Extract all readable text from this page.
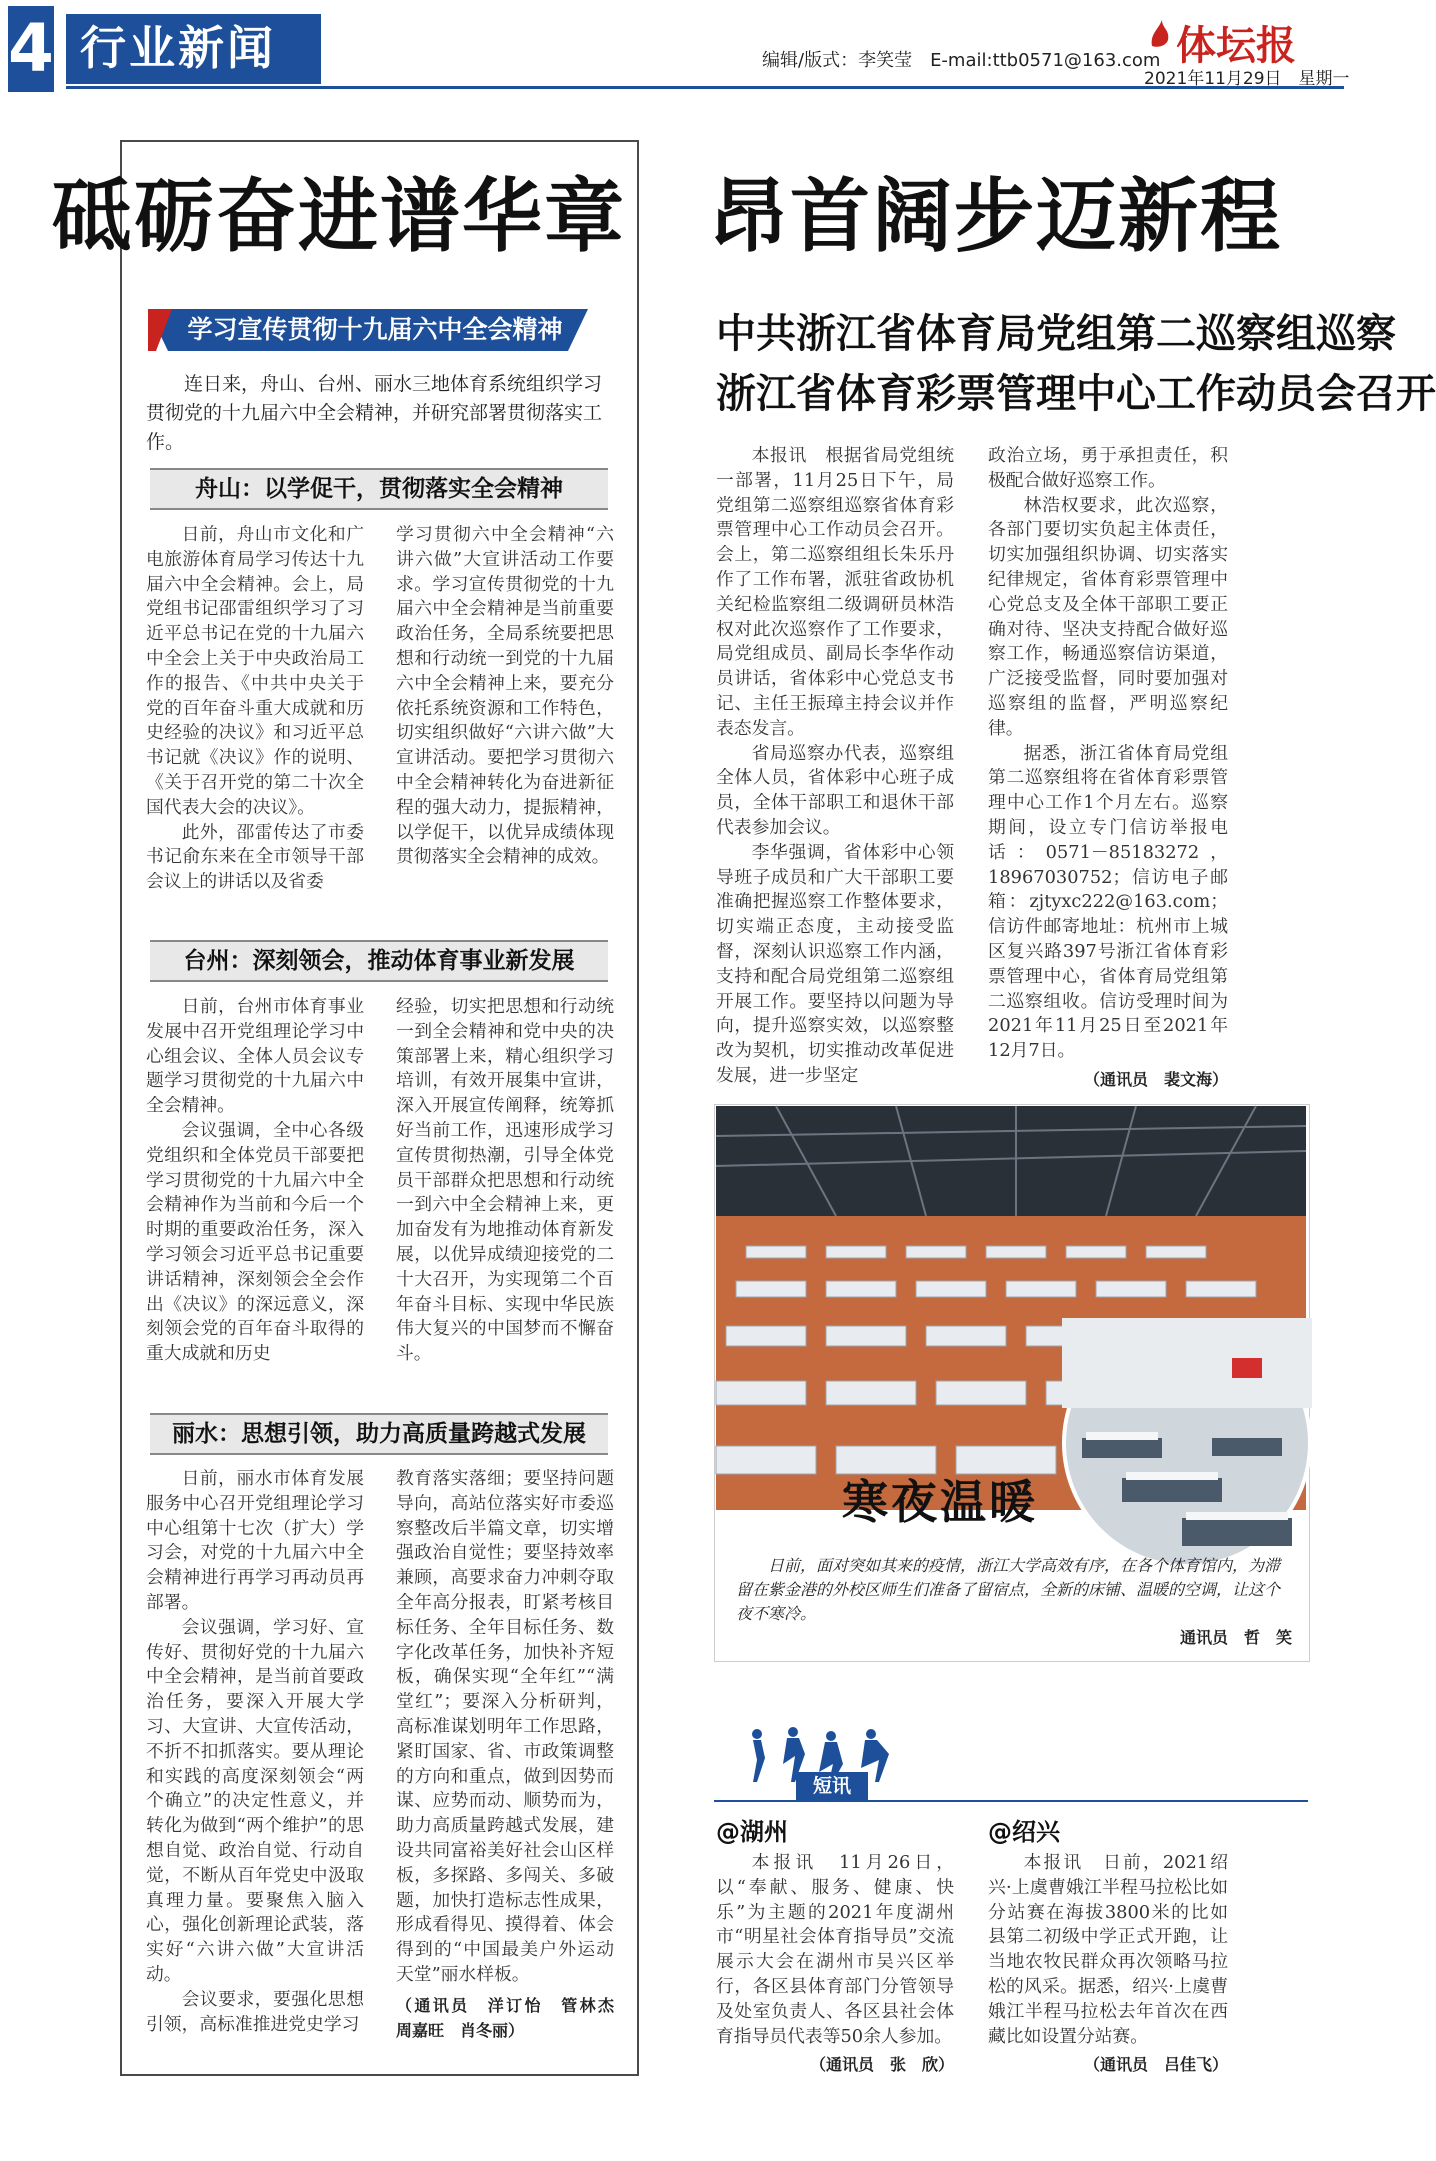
4 行业新闻	编辑/版式：李笑莹　E-mail:ttb0571@163.com 体坛报
2021年11月29日　星期一
砥砺奋进谱华章　昂首阔步迈新程
学习宣传贯彻十九届六中全会精神
连日来，舟山、台州、丽水三地体育系统组织学习贯彻党的十九届六中全会精神，并研究部署贯彻落实工作。
舟山：以学促干，贯彻落实全会精神

日前，舟山市文化和广电旅游体育局学习传达十九届六中全会精神。会上，局党组书记邵雷组织学习了习近平总书记在党的十九届六中全会上关于中央政治局工作的报告、《中共中央关于党的百年奋斗重大成就和历史经验的决议》和习近平总书记就《决议》作的说明、《关于召开党的第二十次全国代表大会的决议》。

此外，邵雷传达了市委书记俞东来在全市领导干部会议上的讲话以及省委

学习贯彻六中全会精神“六讲六做”大宣讲活动工作要求。学习宣传贯彻党的十九届六中全会精神是当前重要政治任务，全局系统要把思想和行动统一到党的十九届六中全会精神上来，要充分依托系统资源和工作特色，切实组织做好“六讲六做”大宣讲活动。要把学习贯彻六中全会精神转化为奋进新征程的强大动力，提振精神，以学促干，以优异成绩体现贯彻落实全会精神的成效。

台州：深刻领会，推动体育事业新发展

日前，台州市体育事业发展中召开党组理论学习中心组会议、全体人员会议专题学习贯彻党的十九届六中全会精神。

会议强调，全中心各级党组织和全体党员干部要把学习贯彻党的十九届六中全会精神作为当前和今后一个时期的重要政治任务，深入学习领会习近平总书记重要讲话精神，深刻领会全会作出《决议》的深远意义，深刻领会党的百年奋斗取得的重大成就和历史

经验，切实把思想和行动统一到全会精神和党中央的决策部署上来，精心组织学习培训，有效开展集中宣讲，深入开展宣传阐释，统筹抓好当前工作，迅速形成学习宣传贯彻热潮，引导全体党员干部群众把思想和行动统一到六中全会精神上来，更加奋发有为地推动体育新发展，以优异成绩迎接党的二十大召开，为实现第二个百年奋斗目标、实现中华民族伟大复兴的中国梦而不懈奋斗。

丽水：思想引领，助力高质量跨越式发展

日前，丽水市体育发展服务中心召开党组理论学习中心组第十七次（扩大）学习会，对党的十九届六中全会精神进行再学习再动员再部署。

会议强调，学习好、宣传好、贯彻好党的十九届六中全会精神，是当前首要政治任务，要深入开展大学习、大宣讲、大宣传活动，不折不扣抓落实。要从理论和实践的高度深刻领会“两个确立”的决定性意义，并转化为做到“两个维护”的思想自觉、政治自觉、行动自觉，不断从百年党史中汲取真理力量。要聚焦入脑入心，强化创新理论武装，落实好“六讲六做”大宣讲活动。

会议要求，要强化思想引领，高标准推进党史学习

教育落实落细；要坚持问题导向，高站位落实好市委巡察整改后半篇文章，切实增强政治自觉性；要坚持效率兼顾，高要求奋力冲刺夺取全年高分报表，盯紧考核目标任务、全年目标任务、数字化改革任务，加快补齐短板，确保实现“全年红”“满堂红”；要深入分析研判，高标准谋划明年工作思路，紧盯国家、省、市政策调整的方向和重点，做到因势而谋、应势而动、顺势而为，助力高质量跨越式发展，建设共同富裕美好社会山区样板，多探路、多闯关、多破题，加快打造标志性成果，形成看得见、摸得着、体会得到的“中国最美户外运动天堂”丽水样板。

（通讯员　洋订怡　管林杰　周嘉旺　肖冬丽）

中共浙江省体育局党组第二巡察组巡察
浙江省体育彩票管理中心工作动员会召开

本报讯　根据省局党组统一部署，11月25日下午，局党组第二巡察组巡察省体育彩票管理中心工作动员会召开。会上，第二巡察组组长朱乐丹作了工作布署，派驻省政协机关纪检监察组二级调研员林浩权对此次巡察作了工作要求，局党组成员、副局长李华作动员讲话，省体彩中心党总支书记、主任王振璋主持会议并作表态发言。

省局巡察办代表，巡察组全体人员，省体彩中心班子成员，全体干部职工和退休干部代表参加会议。

李华强调，省体彩中心领导班子成员和广大干部职工要准确把握巡察工作整体要求，切实端正态度，主动接受监督，深刻认识巡察工作内涵，支持和配合局党组第二巡察组开展工作。要坚持以问题为导向，提升巡察实效，以巡察整改为契机，切实推动改革促进发展，进一步坚定

政治立场，勇于承担责任，积极配合做好巡察工作。

林浩权要求，此次巡察，各部门要切实负起主体责任，切实加强组织协调、切实落实纪律规定，省体育彩票管理中心党总支及全体干部职工要正确对待、坚决支持配合做好巡察工作，畅通巡察信访渠道，广泛接受监督，同时要加强对巡察组的监督，严明巡察纪律。

据悉，浙江省体育局党组第二巡察组将在省体育彩票管理中心工作1个月左右。巡察期间，设立专门信访举报电话：0571－85183272，18967030752；信访电子邮箱：zjtyxc222@163.com；信访件邮寄地址：杭州市上城区复兴路397号浙江省体育彩票管理中心，省体育局党组第二巡察组收。信访受理时间为2021年11月25日至2021年12月7日。

（通讯员　裴文海）

寒夜温暖
日前，面对突如其来的疫情，浙江大学高效有序，在各个体育馆内，为滞留在紫金港的外校区师生们准备了留宿点，全新的床铺、温暖的空调，让这个夜不寒冷。
通讯员　哲　笑
短讯
@湖州

本报讯　11月26日，以“奉献、服务、健康、快乐”为主题的2021年度湖州市“明星社会体育指导员”交流展示大会在湖州市吴兴区举行，各区县体育部门分管领导及处室负责人、各区县社会体育指导员代表等50余人参加。

（通讯员　张　欣）

@绍兴

本报讯　日前，2021绍兴·上虞曹娥江半程马拉松比如分站赛在海拔3800米的比如县第二初级中学正式开跑，让当地农牧民群众再次领略马拉松的风采。据悉，绍兴·上虞曹娥江半程马拉松去年首次在西藏比如设置分站赛。

（通讯员　吕佳飞）
